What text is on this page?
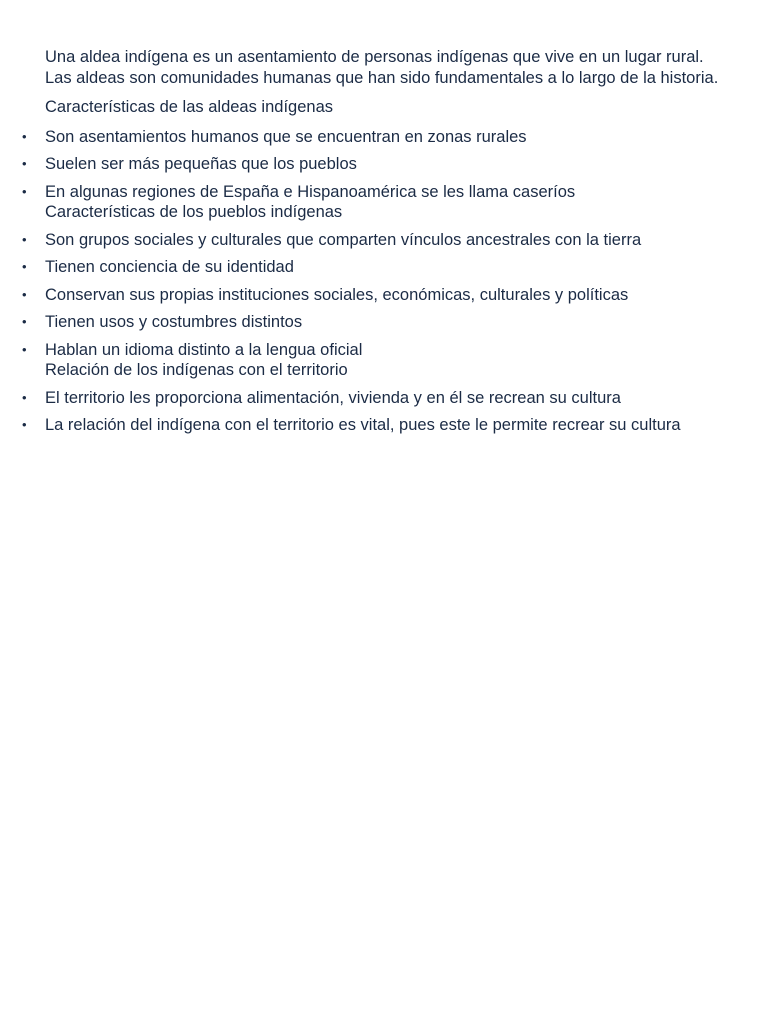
Una aldea indígena es un asentamiento de personas indígenas que vive en un lugar rural. Las aldeas son comunidades humanas que han sido fundamentales a lo largo de la historia.

Características de las aldeas indígenas

• Son asentamientos humanos que se encuentran en zonas rurales
• Suelen ser más pequeñas que los pueblos
• En algunas regiones de España e Hispanoamérica se les llama caseríos
Características de los pueblos indígenas
• Son grupos sociales y culturales que comparten vínculos ancestrales con la tierra
• Tienen conciencia de su identidad
• Conservan sus propias instituciones sociales, económicas, culturales y políticas
• Tienen usos y costumbres distintos
• Hablan un idioma distinto a la lengua oficial
Relación de los indígenas con el territorio
• El territorio les proporciona alimentación, vivienda y en él se recrean su cultura
• La relación del indígena con el territorio es vital, pues este le permite recrear su cultura
